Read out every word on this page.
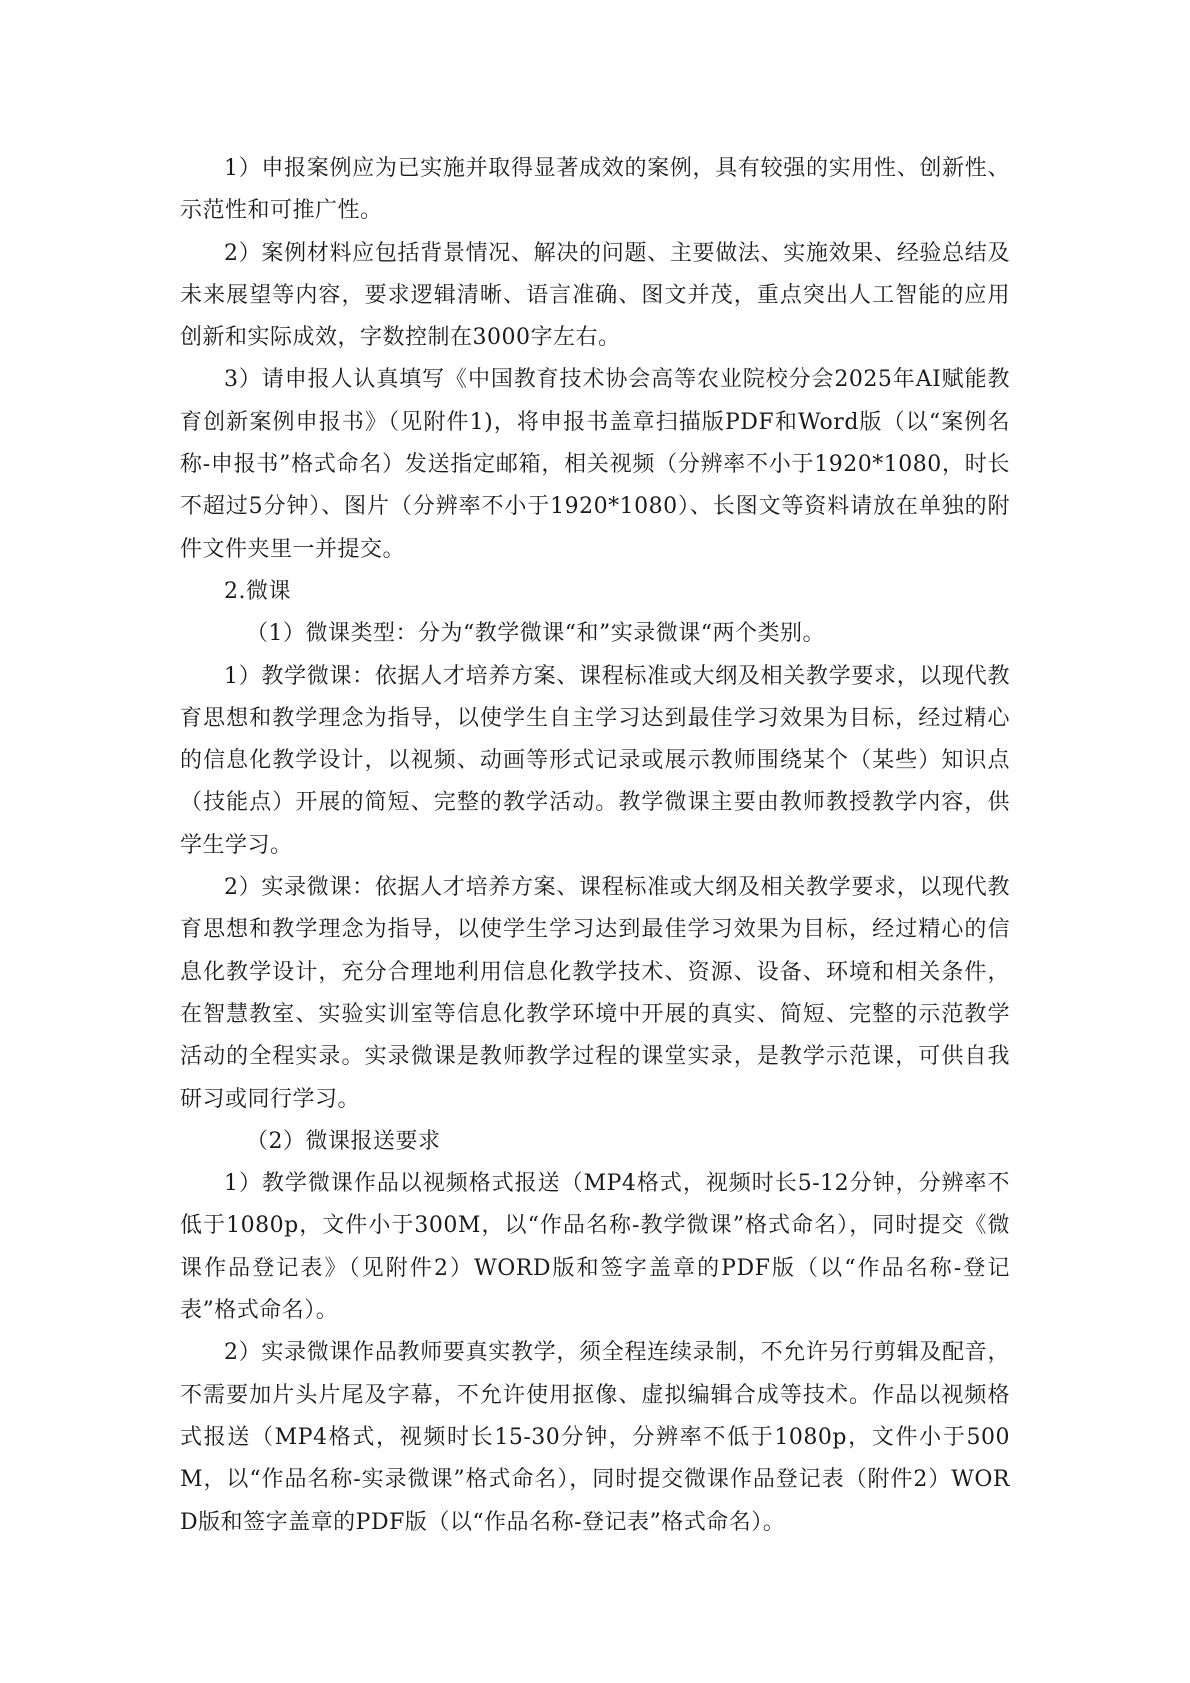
1）申报案例应为已实施并取得显著成效的案例，具有较强的实用性、创新性、示范性和可推广性。

2）案例材料应包括背景情况、解决的问题、主要做法、实施效果、经验总结及未来展望等内容，要求逻辑清晰、语言准确、图文并茂，重点突出人工智能的应用创新和实际成效，字数控制在3000字左右。

3）请申报人认真填写《中国教育技术协会高等农业院校分会2025年AI赋能教育创新案例申报书》（见附件1)，将申报书盖章扫描版PDF和Word版（以“案例名称-申报书”格式命名）发送指定邮箱，相关视频（分辨率不小于1920*1080，时长不超过5分钟）、图片（分辨率不小于1920*1080）、长图文等资料请放在单独的附件文件夹里一并提交。

2.微课

（1）微课类型：分为“教学微课“和”实录微课“两个类别。

1）教学微课：依据人才培养方案、课程标准或大纲及相关教学要求，以现代教育思想和教学理念为指导，以使学生自主学习达到最佳学习效果为目标，经过精心的信息化教学设计，以视频、动画等形式记录或展示教师围绕某个（某些）知识点（技能点）开展的简短、完整的教学活动。教学微课主要由教师教授教学内容，供学生学习。

2）实录微课：依据人才培养方案、课程标准或大纲及相关教学要求，以现代教育思想和教学理念为指导，以使学生学习达到最佳学习效果为目标，经过精心的信息化教学设计，充分合理地利用信息化教学技术、资源、设备、环境和相关条件，在智慧教室、实验实训室等信息化教学环境中开展的真实、简短、完整的示范教学活动的全程实录。实录微课是教师教学过程的课堂实录，是教学示范课，可供自我研习或同行学习。

（2）微课报送要求

1）教学微课作品以视频格式报送（MP4格式，视频时长5-12分钟，分辨率不低于1080p，文件小于300M，以“作品名称-教学微课”格式命名），同时提交《微课作品登记表》（见附件2）WORD版和签字盖章的PDF版（以“作品名称-登记表”格式命名）。

2）实录微课作品教师要真实教学，须全程连续录制，不允许另行剪辑及配音，不需要加片头片尾及字幕，不允许使用抠像、虚拟编辑合成等技术。作品以视频格式报送（MP4格式，视频时长15-30分钟，分辨率不低于1080p，文件小于500M，以“作品名称-实录微课”格式命名），同时提交微课作品登记表（附件2）WORD版和签字盖章的PDF版（以“作品名称-登记表”格式命名）。
